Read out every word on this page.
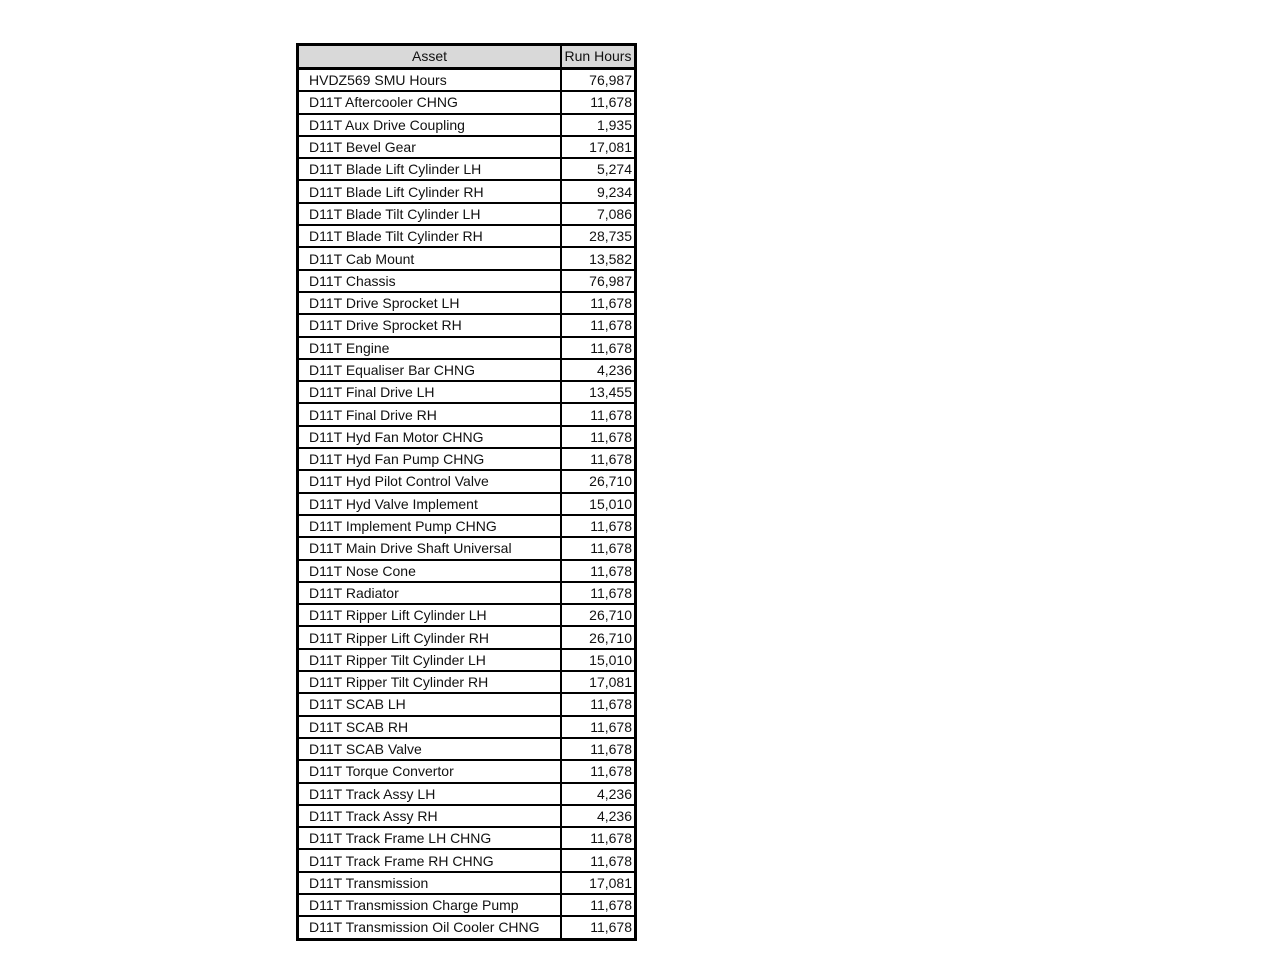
Asset	Run Hours
HVDZ569 SMU Hours	76,987
D11T Aftercooler CHNG	11,678
D11T Aux Drive Coupling	1,935
D11T Bevel Gear	17,081
D11T Blade Lift Cylinder LH	5,274
D11T Blade Lift Cylinder RH	9,234
D11T Blade Tilt Cylinder LH	7,086
D11T Blade Tilt Cylinder RH	28,735
D11T Cab Mount	13,582
D11T Chassis	76,987
D11T Drive Sprocket LH	11,678
D11T Drive Sprocket RH	11,678
D11T Engine	11,678
D11T Equaliser Bar CHNG	4,236
D11T Final Drive LH	13,455
D11T Final Drive RH	11,678
D11T Hyd Fan Motor CHNG	11,678
D11T Hyd Fan Pump CHNG	11,678
D11T Hyd Pilot Control Valve	26,710
D11T Hyd Valve Implement	15,010
D11T Implement Pump CHNG	11,678
D11T Main Drive Shaft Universal	11,678
D11T Nose Cone	11,678
D11T Radiator	11,678
D11T Ripper Lift Cylinder LH	26,710
D11T Ripper Lift Cylinder RH	26,710
D11T Ripper Tilt Cylinder LH	15,010
D11T Ripper Tilt Cylinder RH	17,081
D11T SCAB LH	11,678
D11T SCAB RH	11,678
D11T SCAB Valve	11,678
D11T Torque Convertor	11,678
D11T Track Assy LH	4,236
D11T Track Assy RH	4,236
D11T Track Frame LH CHNG	11,678
D11T Track Frame RH CHNG	11,678
D11T Transmission	17,081
D11T Transmission Charge Pump	11,678
D11T Transmission Oil Cooler CHNG	11,678
